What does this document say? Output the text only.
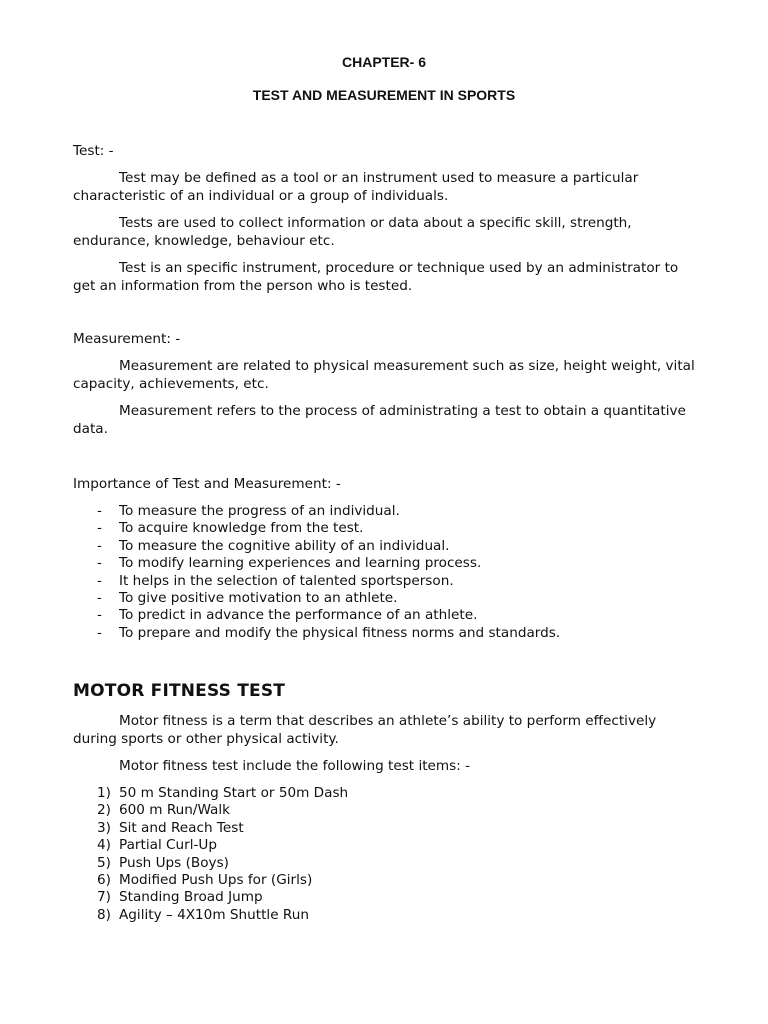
CHAPTER- 6
TEST AND MEASUREMENT IN SPORTS

Test: -

Test may be defined as a tool or an instrument used to measure a particular characteristic of an individual or a group of individuals.

Tests are used to collect information or data about a specific skill, strength, endurance, knowledge, behaviour etc.

Test is an specific instrument, procedure or technique used by an administrator to get an information from the person who is tested.

Measurement: -

Measurement are related to physical measurement such as size, height weight, vital capacity, achievements, etc.

Measurement refers to the process of administrating a test to obtain a quantitative data.

Importance of Test and Measurement: -

- To measure the progress of an individual.
- To acquire knowledge from the test.
- To measure the cognitive ability of an individual.
- To modify learning experiences and learning process.
- It helps in the selection of talented sportsperson.
- To give positive motivation to an athlete.
- To predict in advance the performance of an athlete.
- To prepare and modify the physical fitness norms and standards.
MOTOR FITNESS TEST

Motor fitness is a term that describes an athlete’s ability to perform effectively during sports or other physical activity.

Motor fitness test include the following test items: -

1) 50 m Standing Start or 50m Dash
2) 600 m Run/Walk
3) Sit and Reach Test
4) Partial Curl-Up
5) Push Ups (Boys)
6) Modified Push Ups for (Girls)
7) Standing Broad Jump
8) Agility – 4X10m Shuttle Run
